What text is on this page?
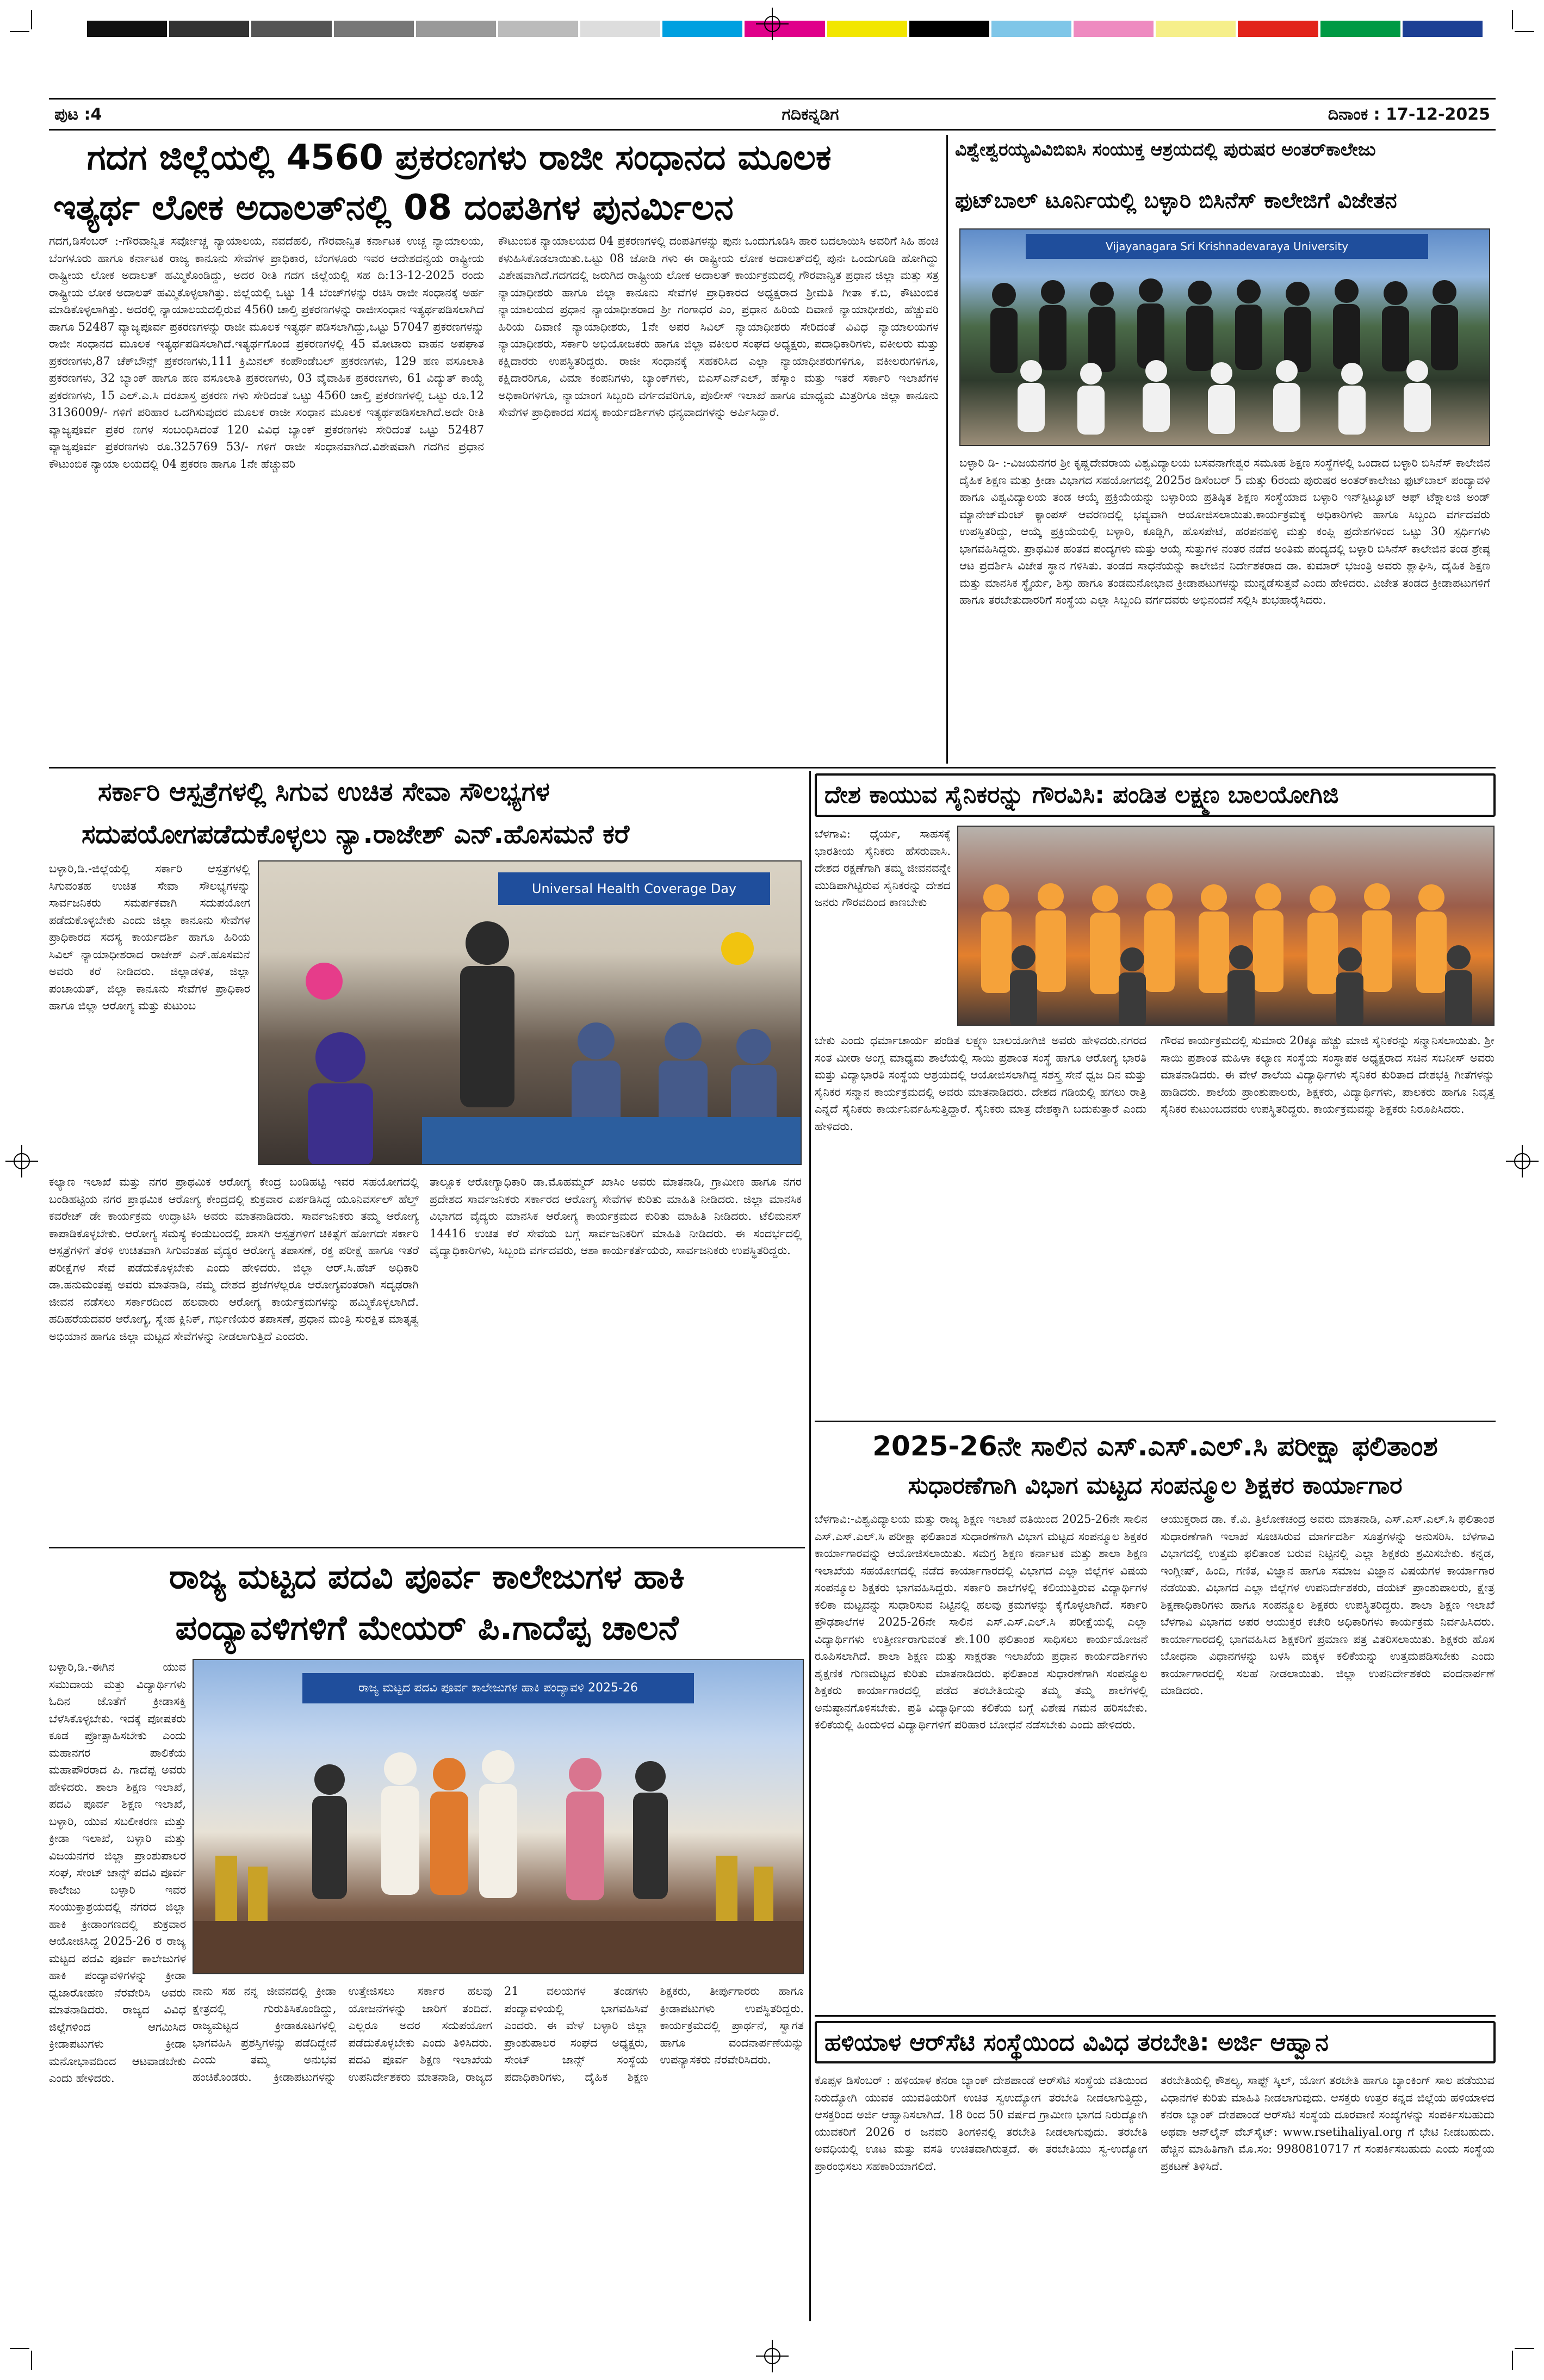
ಪುಟ :4	ಗದಿಕನ್ನಡಿಗ	ದಿನಾಂಕ : 17-12-2025
ಗದಗ ಜಿಲ್ಲೆಯಲ್ಲಿ 4560 ಪ್ರಕರಣಗಳು ರಾಜೀ ಸಂಧಾನದ ಮೂಲಕ
ಇತ್ಯರ್ಥ ಲೋಕ ಅದಾಲತ್‌ನಲ್ಲಿ 08 ದಂಪತಿಗಳ ಪುನರ್ಮಿಲನ

ಗದಗ,ಡಿಸೆಂಬರ್ :-ಗೌರವಾನ್ವಿತ ಸರ್ವೋಚ್ಚ ನ್ಯಾಯಾಲಯ, ನವದೆಹಲಿ, ಗೌರವಾನ್ವಿತ ಕರ್ನಾಟಕ ಉಚ್ಚ ನ್ಯಾಯಾಲಯ, ಬೆಂಗಳೂರು ಹಾಗೂ ಕರ್ನಾಟಕ ರಾಜ್ಯ ಕಾನೂನು ಸೇವೆಗಳ ಪ್ರಾಧಿಕಾರ, ಬೆಂಗಳೂರು ಇವರ ಆದೇಶದನ್ವಯ ರಾಷ್ಟ್ರೀಯ ರಾಷ್ಟ್ರೀಯ ಲೋಕ ಅದಾಲತ್ ಹಮ್ಮಿಕೊಂಡಿದ್ದು, ಅದರ ರೀತಿ ಗದಗ ಜಿಲ್ಲೆಯಲ್ಲಿ ಸಹ ದಿ:13-12-2025 ರಂದು ರಾಷ್ಟ್ರೀಯ ಲೋಕ ಅದಾಲತ್ ಹಮ್ಮಿಕೊಳ್ಳಲಾಗಿತ್ತು. ಜಿಲ್ಲೆಯಲ್ಲಿ ಒಟ್ಟು 14 ಬೆಂಚ್‌ಗಳನ್ನು ರಚಿಸಿ ರಾಜೀ ಸಂಧಾನಕ್ಕೆ ಅರ್ಹ ಮಾಡಿಕೊಳ್ಳಲಾಗಿತ್ತು. ಅದರಲ್ಲಿ ನ್ಯಾಯಾಲಯದಲ್ಲಿರುವ 4560 ಚಾಲ್ತಿ ಪ್ರಕರಣಗಳನ್ನು ರಾಜೀಸಂಧಾನ ಇತ್ಯರ್ಥಪಡಿಸಲಾಗಿದೆ ಹಾಗೂ 52487 ವ್ಯಾಜ್ಯಪೂರ್ವ ಪ್ರಕರಣಗಳನ್ನು ರಾಜೀ ಮೂಲಕ ಇತ್ಯರ್ಥ ಪಡಿಸಲಾಗಿದ್ದು,ಒಟ್ಟು 57047 ಪ್ರಕರಣಗಳನ್ನು ರಾಜೀ ಸಂಧಾನದ ಮೂಲಕ ಇತ್ಯರ್ಥಪಡಿಸಲಾಗಿದೆ.ಇತ್ಯರ್ಥಗೊಂಡ ಪ್ರಕರಣಗಳಲ್ಲಿ 45 ಮೋಟಾರು ವಾಹನ ಅಪಘಾತ ಪ್ರಕರಣಗಳು,87 ಚೆಕ್‌ಬೌನ್ಸ್ ಪ್ರಕರಣಗಳು,111 ಕ್ರಿಮಿನಲ್ ಕಂಪೌಂಡೆಬಲ್ ಪ್ರಕರಣಗಳು, 129 ಹಣ ವಸೂಲಾತಿ ಪ್ರಕರಣಗಳು, 32 ಬ್ಯಾಂಕ್ ಹಾಗೂ ಹಣ ವಸೂಲಾತಿ ಪ್ರಕರಣಗಳು, 03 ವೈವಾಹಿಕ ಪ್ರಕರಣಗಳು, 61 ವಿದ್ಯುತ್ ಕಾಯ್ದೆ ಪ್ರಕರಣಗಳು, 15 ಎಲ್.ಎ.ಸಿ ದರಖಾಸ್ತ ಪ್ರಕರಣ ಗಳು ಸೇರಿದಂತೆ ಒಟ್ಟು 4560 ಚಾಲ್ತಿ ಪ್ರಕರಣಗಳಲ್ಲಿ ಒಟ್ಟು ರೂ.12 3136009/- ಗಳಿಗೆ ಪರಿಹಾರ ಒದಗಿಸುವುದರ ಮೂಲಕ ರಾಜೀ ಸಂಧಾನ ಮೂಲಕ ಇತ್ಯರ್ಥಪಡಿಸಲಾಗಿದೆ.ಅದೇ ರೀತಿ ವ್ಯಾಜ್ಯಪೂರ್ವ ಪ್ರಕರ ಣಗಳ ಸಂಬಂಧಿಸಿದಂತೆ 120 ವಿವಿಧ ಬ್ಯಾಂಕ್ ಪ್ರಕರಣಗಳು ಸೇರಿದಂತೆ ಒಟ್ಟು 52487 ವ್ಯಾಜ್ಯಪೂರ್ವ ಪ್ರಕರಣಗಳು ರೂ.325769 53/- ಗಳಿಗೆ ರಾಜೀ ಸಂಧಾನವಾಗಿದೆ.ವಿಶೇಷವಾಗಿ ಗದಗಿನ ಪ್ರಧಾನ ಕೌಟುಂಬಿಕ ನ್ಯಾಯಾ ಲಯದಲ್ಲಿ 04 ಪ್ರಕರಣ ಹಾಗೂ 1ನೇ ಹೆಚ್ಚುವರಿ

ಕೌಟುಂಬಿಕ ನ್ಯಾಯಾಲಯದ 04 ಪ್ರಕರಣಗಳಲ್ಲಿ ದಂಪತಿಗಳನ್ನು ಪುನಃ ಒಂದುಗೂಡಿಸಿ ಹಾರ ಬದಲಾಯಿಸಿ ಅವರಿಗೆ ಸಿಹಿ ಹಂಚಿ ಕಳುಹಿಸಿಕೊಡಲಾಯಿತು.ಒಟ್ಟು 08 ಜೋಡಿ ಗಳು ಈ ರಾಷ್ಟ್ರೀಯ ಲೋಕ ಅದಾಲತ್‌ದಲ್ಲಿ ಪುನಃ ಒಂದುಗೂಡಿ ಹೋಗಿದ್ದು ವಿಶೇಷವಾಗಿದೆ.ಗದಗದಲ್ಲಿ ಜರುಗಿದ ರಾಷ್ಟ್ರೀಯ ಲೋಕ ಅದಾಲತ್ ಕಾರ್ಯಕ್ರಮದಲ್ಲಿ ಗೌರವಾನ್ವಿತ ಪ್ರಧಾನ ಜಿಲ್ಲಾ ಮತ್ತು ಸತ್ರ ನ್ಯಾಯಾಧೀಶರು ಹಾಗೂ ಜಿಲ್ಲಾ ಕಾನೂನು ಸೇವೆಗಳ ಪ್ರಾಧಿಕಾರದ ಅಧ್ಯಕ್ಷರಾದ ಶ್ರೀಮತಿ ಗೀತಾ ಕೆ.ಬಿ, ಕೌಟುಂಬಿಕ ನ್ಯಾಯಾಲಯದ ಪ್ರಧಾನ ನ್ಯಾಯಾಧೀಶರಾದ ಶ್ರೀ ಗಂಗಾಧರ ಎಂ, ಪ್ರಧಾನ ಹಿರಿಯ ದಿವಾಣಿ ನ್ಯಾಯಾಧೀಶರು, ಹೆಚ್ಚುವರಿ ಹಿರಿಯ ದಿವಾಣಿ ನ್ಯಾಯಾಧೀಶರು, 1ನೇ ಅಪರ ಸಿವಿಲ್ ನ್ಯಾಯಾಧೀಶರು ಸೇರಿದಂತೆ ವಿವಿಧ ನ್ಯಾಯಾಲಯಗಳ ನ್ಯಾಯಾಧೀಶರು, ಸರ್ಕಾರಿ ಅಭಿಯೋಜಕರು ಹಾಗೂ ಜಿಲ್ಲಾ ವಕೀಲರ ಸಂಘದ ಅಧ್ಯಕ್ಷರು, ಪದಾಧಿಕಾರಿಗಳು, ವಕೀಲರು ಮತ್ತು ಕಕ್ಷಿದಾರರು ಉಪಸ್ಥಿತರಿದ್ದರು. ರಾಜೀ ಸಂಧಾನಕ್ಕೆ ಸಹಕರಿಸಿದ ಎಲ್ಲಾ ನ್ಯಾಯಾಧೀಶರುಗಳಿಗೂ, ವಕೀಲರುಗಳಿಗೂ, ಕಕ್ಷಿದಾರರಿಗೂ, ವಿಮಾ ಕಂಪನಿಗಳು, ಬ್ಯಾಂಕ್‌ಗಳು, ಬಿಎಸ್‌ಎನ್‌ಎಲ್, ಹೆಸ್ಕಾಂ ಮತ್ತು ಇತರೆ ಸರ್ಕಾರಿ ಇಲಾಖೆಗಳ ಅಧಿಕಾರಿಗಳಿಗೂ, ನ್ಯಾಯಾಂಗ ಸಿಬ್ಬಂದಿ ವರ್ಗದವರಿಗೂ, ಪೊಲೀಸ್ ಇಲಾಖೆ ಹಾಗೂ ಮಾಧ್ಯಮ ಮಿತ್ರರಿಗೂ ಜಿಲ್ಲಾ ಕಾನೂನು ಸೇವೆಗಳ ಪ್ರಾಧಿಕಾರದ ಸದಸ್ಯ ಕಾರ್ಯದರ್ಶಿಗಳು ಧನ್ಯವಾದಗಳನ್ನು ಅರ್ಪಿಸಿದ್ದಾರೆ.

ವಿಶ್ವೇಶ್ವರಯ್ಯವಿವಿಬಿಐಸಿ ಸಂಯುಕ್ತ ಆಶ್ರಯದಲ್ಲಿ ಪುರುಷರ ಅಂತರ್‌ಕಾಲೇಜು
ಫುಟ್‌ಬಾಲ್ ಟೂರ್ನಿಯಲ್ಲಿ ಬಳ್ಳಾರಿ ಬಿಸಿನೆಸ್ ಕಾಲೇಜಿಗೆ ವಿಜೇತನ
Vijayanagara Sri Krishnadevaraya University

ಬಳ್ಳಾರಿ ಡಿ- :-ವಿಜಯನಗರ ಶ್ರೀ ಕೃಷ್ಣದೇವರಾಯ ವಿಶ್ವವಿದ್ಯಾಲಯ ಬಸವನಾಗೇಶ್ವರ ಸಮೂಹ ಶಿಕ್ಷಣ ಸಂಸ್ಥೆಗಳಲ್ಲಿ ಒಂದಾದ ಬಳ್ಳಾರಿ ಬಿಸಿನೆಸ್ ಕಾಲೇಜಿನ ದೈಹಿಕ ಶಿಕ್ಷಣ ಮತ್ತು ಕ್ರೀಡಾ ವಿಭಾಗದ ಸಹಯೋಗದಲ್ಲಿ 2025ರ ಡಿಸೆಂಬರ್ 5 ಮತ್ತು 6ರಂದು ಪುರುಷರ ಅಂತರ್‌ಕಾಲೇಜು ಫುಟ್‌ಬಾಲ್ ಪಂದ್ಯಾವಳಿ ಹಾಗೂ ವಿಶ್ವವಿದ್ಯಾಲಯ ತಂಡ ಆಯ್ಕೆ ಪ್ರಕ್ರಿಯೆಯನ್ನು ಬಳ್ಳಾರಿಯ ಪ್ರತಿಷ್ಠಿತ ಶಿಕ್ಷಣ ಸಂಸ್ಥೆಯಾದ ಬಳ್ಳಾರಿ ಇನ್‌ಸ್ಟಿಟ್ಯೂಟ್ ಆಫ್ ಟೆಕ್ನಾಲಜಿ ಅಂಡ್ ಮ್ಯಾನೇಜ್‌ಮೆಂಟ್ ಕ್ಯಾಂಪಸ್ ಆವರಣದಲ್ಲಿ ಭವ್ಯವಾಗಿ ಆಯೋಜಿಸಲಾಯಿತು.ಕಾರ್ಯಕ್ರಮಕ್ಕೆ ಅಧಿಕಾರಿಗಳು ಹಾಗೂ ಸಿಬ್ಬಂದಿ ವರ್ಗದವರು ಉಪಸ್ಥಿತರಿದ್ದು, ಆಯ್ಕೆ ಪ್ರಕ್ರಿಯೆಯಲ್ಲಿ ಬಳ್ಳಾರಿ, ಕೂಡ್ಲಿಗಿ, ಹೊಸಪೇಟೆ, ಹರಪನಹಳ್ಳಿ ಮತ್ತು ಕಂಪ್ಲಿ ಪ್ರದೇಶಗಳಿಂದ ಒಟ್ಟು 30 ಸ್ಪರ್ಧಿಗಳು ಭಾಗವಹಿಸಿದ್ದರು. ಪ್ರಾಥಮಿಕ ಹಂತದ ಪಂದ್ಯಗಳು ಮತ್ತು ಆಯ್ಕೆ ಸುತ್ತುಗಳ ನಂತರ ನಡೆದ ಅಂತಿಮ ಪಂದ್ಯದಲ್ಲಿ ಬಳ್ಳಾರಿ ಬಿಸಿನೆಸ್ ಕಾಲೇಜಿನ ತಂಡ ಶ್ರೇಷ್ಠ ಆಟ ಪ್ರದರ್ಶಿಸಿ ವಿಜೇತ ಸ್ಥಾನ ಗಳಿಸಿತು. ತಂಡದ ಸಾಧನೆಯನ್ನು ಕಾಲೇಜಿನ ನಿರ್ದೇಶಕರಾದ ಡಾ. ಕುಮಾರ್ ಭಜಂತ್ರಿ ಅವರು ಶ್ಲಾಘಿಸಿ, ದೈಹಿಕ ಶಿಕ್ಷಣ ಮತ್ತು ಮಾನಸಿಕ ಸ್ಥೈರ್ಯ, ಶಿಸ್ತು ಹಾಗೂ ತಂಡಮನೋಭಾವ ಕ್ರೀಡಾಪಟುಗಳನ್ನು ಮುನ್ನಡೆಸುತ್ತವೆ ಎಂದು ಹೇಳಿದರು. ವಿಜೇತ ತಂಡದ ಕ್ರೀಡಾಪಟುಗಳಿಗೆ ಹಾಗೂ ತರಬೇತುದಾರರಿಗೆ ಸಂಸ್ಥೆಯ ಎಲ್ಲಾ ಸಿಬ್ಬಂದಿ ವರ್ಗದವರು ಅಭಿನಂದನೆ ಸಲ್ಲಿಸಿ ಶುಭಹಾರೈಸಿದರು.

ಸರ್ಕಾರಿ ಆಸ್ಪತ್ರೆಗಳಲ್ಲಿ ಸಿಗುವ ಉಚಿತ ಸೇವಾ ಸೌಲಭ್ಯಗಳ
ಸದುಪಯೋಗಪಡೆದುಕೊಳ್ಳಲು ನ್ಯಾ.ರಾಜೇಶ್ ಎನ್.ಹೊಸಮನೆ ಕರೆ

ಬಳ್ಳಾರಿ,ಡಿ.-ಜಿಲ್ಲೆಯಲ್ಲಿ ಸರ್ಕಾರಿ ಆಸ್ಪತ್ರೆಗಳಲ್ಲಿ ಸಿಗುವಂತಹ ಉಚಿತ ಸೇವಾ ಸೌಲಭ್ಯಗಳನ್ನು ಸಾರ್ವಜನಿಕರು ಸಮರ್ಪಕವಾಗಿ ಸದುಪಯೋಗ ಪಡೆದುಕೊಳ್ಳಬೇಕು ಎಂದು ಜಿಲ್ಲಾ ಕಾನೂನು ಸೇವೆಗಳ ಪ್ರಾಧಿಕಾರದ ಸದಸ್ಯ ಕಾರ್ಯದರ್ಶಿ ಹಾಗೂ ಹಿರಿಯ ಸಿವಿಲ್ ನ್ಯಾಯಾಧೀಶರಾದ ರಾಜೇಶ್ ಎನ್.ಹೊಸಮನೆ ಅವರು ಕರೆ ನೀಡಿದರು. ಜಿಲ್ಲಾಡಳಿತ, ಜಿಲ್ಲಾ ಪಂಚಾಯತ್, ಜಿಲ್ಲಾ ಕಾನೂನು ಸೇವೆಗಳ ಪ್ರಾಧಿಕಾರ ಹಾಗೂ ಜಿಲ್ಲಾ ಆರೋಗ್ಯ ಮತ್ತು ಕುಟುಂಬ

Universal Health Coverage Day

ಕಲ್ಯಾಣ ಇಲಾಖೆ ಮತ್ತು ನಗರ ಪ್ರಾಥಮಿಕ ಆರೋಗ್ಯ ಕೇಂದ್ರ ಬಂಡಿಹಟ್ಟಿ ಇವರ ಸಹಯೋಗದಲ್ಲಿ ಬಂಡಿಹಟ್ಟಿಯ ನಗರ ಪ್ರಾಥಮಿಕ ಆರೋಗ್ಯ ಕೇಂದ್ರದಲ್ಲಿ ಶುಕ್ರವಾರ ಏರ್ಪಡಿಸಿದ್ದ ಯೂನಿವರ್ಸಲ್ ಹೆಲ್ತ್ ಕವರೇಜ್ ಡೇ ಕಾರ್ಯಕ್ರಮ ಉದ್ಘಾಟಿಸಿ ಅವರು ಮಾತನಾಡಿದರು. ಸಾರ್ವಜನಿಕರು ತಮ್ಮ ಆರೋಗ್ಯ ಕಾಪಾಡಿಕೊಳ್ಳಬೇಕು. ಆರೋಗ್ಯ ಸಮಸ್ಯೆ ಕಂಡುಬಂದಲ್ಲಿ ಖಾಸಗಿ ಆಸ್ಪತ್ರೆಗಳಿಗೆ ಚಿಕಿತ್ಸೆಗೆ ಹೋಗದೇ ಸರ್ಕಾರಿ ಆಸ್ಪತ್ರೆಗಳಿಗೆ ತೆರಳಿ ಉಚಿತವಾಗಿ ಸಿಗುವಂತಹ ವೈದ್ಯರ ಆರೋಗ್ಯ ತಪಾಸಣೆ, ರಕ್ತ ಪರೀಕ್ಷೆ ಹಾಗೂ ಇತರೆ ಪರೀಕ್ಷೆಗಳ ಸೇವೆ ಪಡೆದುಕೊಳ್ಳಬೇಕು ಎಂದು ಹೇಳಿದರು. ಜಿಲ್ಲಾ ಆರ್.ಸಿ.ಹೆಚ್ ಅಧಿಕಾರಿ ಡಾ.ಹನುಮಂತಪ್ಪ ಅವರು ಮಾತನಾಡಿ, ನಮ್ಮ ದೇಶದ ಪ್ರಜೆಗಳೆಲ್ಲರೂ ಆರೋಗ್ಯವಂತರಾಗಿ ಸದೃಢರಾಗಿ ಜೀವನ ನಡೆಸಲು ಸರ್ಕಾರದಿಂದ ಹಲವಾರು ಆರೋಗ್ಯ ಕಾರ್ಯಕ್ರಮಗಳನ್ನು ಹಮ್ಮಿಕೊಳ್ಳಲಾಗಿದೆ. ಹದಿಹರೆಯದವರ ಆರೋಗ್ಯ, ಸ್ನೇಹ ಕ್ಲಿನಿಕ್, ಗರ್ಭಿಣಿಯರ ತಪಾಸಣೆ, ಪ್ರಧಾನ ಮಂತ್ರಿ ಸುರಕ್ಷಿತ ಮಾತೃತ್ವ ಅಭಿಯಾನ ಹಾಗೂ ಜಿಲ್ಲಾ ಮಟ್ಟದ ಸೇವೆಗಳನ್ನು ನೀಡಲಾಗುತ್ತಿದೆ ಎಂದರು.

ತಾಲ್ಲೂಕ ಆರೋಗ್ಯಾಧಿಕಾರಿ ಡಾ.ಮೊಹಮ್ಮದ್ ಖಾಸಿಂ ಅವರು ಮಾತನಾಡಿ, ಗ್ರಾಮೀಣ ಹಾಗೂ ನಗರ ಪ್ರದೇಶದ ಸಾರ್ವಜನಿಕರು ಸರ್ಕಾರದ ಆರೋಗ್ಯ ಸೇವೆಗಳ ಕುರಿತು ಮಾಹಿತಿ ನೀಡಿದರು. ಜಿಲ್ಲಾ ಮಾನಸಿಕ ವಿಭಾಗದ ವೈದ್ಯರು ಮಾನಸಿಕ ಆರೋಗ್ಯ ಕಾರ್ಯಕ್ರಮದ ಕುರಿತು ಮಾಹಿತಿ ನೀಡಿದರು. ಟೆಲಿಮನಸ್ 14416 ಉಚಿತ ಕರೆ ಸೇವೆಯ ಬಗ್ಗೆ ಸಾರ್ವಜನಿಕರಿಗೆ ಮಾಹಿತಿ ನೀಡಿದರು. ಈ ಸಂದರ್ಭದಲ್ಲಿ ವೈದ್ಯಾಧಿಕಾರಿಗಳು, ಸಿಬ್ಬಂದಿ ವರ್ಗದವರು, ಆಶಾ ಕಾರ್ಯಕರ್ತೆಯರು, ಸಾರ್ವಜನಿಕರು ಉಪಸ್ಥಿತರಿದ್ದರು.

ದೇಶ ಕಾಯುವ ಸೈನಿಕರನ್ನು ಗೌರವಿಸಿ: ಪಂಡಿತ ಲಕ್ಷ್ಮಣ ಬಾಲಯೋಗಿಜಿ

ಬೆಳಗಾವಿ: ಧೈರ್ಯ, ಸಾಹಸಕ್ಕೆ ಭಾರತೀಯ ಸೈನಿಕರು ಹೆಸರುವಾಸಿ. ದೇಶದ ರಕ್ಷಣೆಗಾಗಿ ತಮ್ಮ ಜೀವನವನ್ನೇ ಮುಡಿಪಾಗಿಟ್ಟಿರುವ ಸೈನಿಕರನ್ನು ದೇಶದ ಜನರು ಗೌರವದಿಂದ ಕಾಣಬೇಕು

ಬೇಕು ಎಂದು ಧರ್ಮಾಚಾರ್ಯ ಪಂಡಿತ ಲಕ್ಷ್ಮಣ ಬಾಲಯೋಗಿಜಿ ಅವರು ಹೇಳಿದರು.ನಗರದ ಸಂತ ಮೀರಾ ಅಂಗ್ಲ ಮಾಧ್ಯಮ ಶಾಲೆಯಲ್ಲಿ ಸಾಯಿ ಪ್ರಶಾಂತ ಸಂಸ್ಥೆ ಹಾಗೂ ಆರೋಗ್ಯ ಭಾರತಿ ಮತ್ತು ವಿದ್ಯಾಭಾರತಿ ಸಂಸ್ಥೆಯ ಆಶ್ರಯದಲ್ಲಿ ಆಯೋಜಿಸಲಾಗಿದ್ದ ಸಶಸ್ತ್ರ ಸೇನೆ ಧ್ವಜ ದಿನ ಮತ್ತು ಸೈನಿಕರ ಸನ್ಮಾನ ಕಾರ್ಯಕ್ರಮದಲ್ಲಿ ಅವರು ಮಾತನಾಡಿದರು. ದೇಶದ ಗಡಿಯಲ್ಲಿ ಹಗಲು ರಾತ್ರಿ ಎನ್ನದೆ ಸೈನಿಕರು ಕಾರ್ಯನಿರ್ವಹಿಸುತ್ತಿದ್ದಾರೆ. ಸೈನಿಕರು ಮಾತ್ರ ದೇಶಕ್ಕಾಗಿ ಬದುಕುತ್ತಾರೆ ಎಂದು ಹೇಳಿದರು.

ಗೌರವ ಕಾರ್ಯಕ್ರಮದಲ್ಲಿ ಸುಮಾರು 20ಕ್ಕೂ ಹೆಚ್ಚು ಮಾಜಿ ಸೈನಿಕರನ್ನು ಸನ್ಮಾನಿಸಲಾಯಿತು. ಶ್ರೀ ಸಾಯಿ ಪ್ರಶಾಂತ ಮಹಿಳಾ ಕಲ್ಯಾಣ ಸಂಸ್ಥೆಯ ಸಂಸ್ಥಾಪಕ ಅಧ್ಯಕ್ಷರಾದ ಸಚಿನ ಸಬನೀಸ್ ಅವರು ಮಾತನಾಡಿದರು. ಈ ವೇಳೆ ಶಾಲೆಯ ವಿದ್ಯಾರ್ಥಿಗಳು ಸೈನಿಕರ ಕುರಿತಾದ ದೇಶಭಕ್ತಿ ಗೀತೆಗಳನ್ನು ಹಾಡಿದರು. ಶಾಲೆಯ ಪ್ರಾಂಶುಪಾಲರು, ಶಿಕ್ಷಕರು, ವಿದ್ಯಾರ್ಥಿಗಳು, ಪಾಲಕರು ಹಾಗೂ ನಿವೃತ್ತ ಸೈನಿಕರ ಕುಟುಂಬದವರು ಉಪಸ್ಥಿತರಿದ್ದರು. ಕಾರ್ಯಕ್ರಮವನ್ನು ಶಿಕ್ಷಕರು ನಿರೂಪಿಸಿದರು.

2025-26ನೇ ಸಾಲಿನ ಎಸ್.ಎಸ್.ಎಲ್.ಸಿ ಪರೀಕ್ಷಾ ಫಲಿತಾಂಶ
ಸುಧಾರಣೆಗಾಗಿ ವಿಭಾಗ ಮಟ್ಟದ ಸಂಪನ್ಮೂಲ ಶಿಕ್ಷಕರ ಕಾರ್ಯಾಗಾರ

ಬೆಳಗಾವಿ:-ವಿಶ್ವವಿದ್ಯಾಲಯ ಮತ್ತು ರಾಜ್ಯ ಶಿಕ್ಷಣ ಇಲಾಖೆ ವತಿಯಿಂದ 2025-26ನೇ ಸಾಲಿನ ಎಸ್.ಎಸ್.ಎಲ್.ಸಿ ಪರೀಕ್ಷಾ ಫಲಿತಾಂಶ ಸುಧಾರಣೆಗಾಗಿ ವಿಭಾಗ ಮಟ್ಟದ ಸಂಪನ್ಮೂಲ ಶಿಕ್ಷಕರ ಕಾರ್ಯಾಗಾರವನ್ನು ಆಯೋಜಿಸಲಾಯಿತು. ಸಮಗ್ರ ಶಿಕ್ಷಣ ಕರ್ನಾಟಕ ಮತ್ತು ಶಾಲಾ ಶಿಕ್ಷಣ ಇಲಾಖೆಯ ಸಹಯೋಗದಲ್ಲಿ ನಡೆದ ಕಾರ್ಯಾಗಾರದಲ್ಲಿ ವಿಭಾಗದ ಎಲ್ಲಾ ಜಿಲ್ಲೆಗಳ ವಿಷಯ ಸಂಪನ್ಮೂಲ ಶಿಕ್ಷಕರು ಭಾಗವಹಿಸಿದ್ದರು. ಸರ್ಕಾರಿ ಶಾಲೆಗಳಲ್ಲಿ ಕಲಿಯುತ್ತಿರುವ ವಿದ್ಯಾರ್ಥಿಗಳ ಕಲಿಕಾ ಮಟ್ಟವನ್ನು ಸುಧಾರಿಸುವ ನಿಟ್ಟಿನಲ್ಲಿ ಹಲವು ಕ್ರಮಗಳನ್ನು ಕೈಗೊಳ್ಳಲಾಗಿದೆ. ಸರ್ಕಾರಿ ಪ್ರೌಢಶಾಲೆಗಳ 2025-26ನೇ ಸಾಲಿನ ಎಸ್.ಎಸ್.ಎಲ್.ಸಿ ಪರೀಕ್ಷೆಯಲ್ಲಿ ಎಲ್ಲಾ ವಿದ್ಯಾರ್ಥಿಗಳು ಉತ್ತೀರ್ಣರಾಗುವಂತೆ ಶೇ.100 ಫಲಿತಾಂಶ ಸಾಧಿಸಲು ಕಾರ್ಯಯೋಜನೆ ರೂಪಿಸಲಾಗಿದೆ. ಶಾಲಾ ಶಿಕ್ಷಣ ಮತ್ತು ಸಾಕ್ಷರತಾ ಇಲಾಖೆಯ ಪ್ರಧಾನ ಕಾರ್ಯದರ್ಶಿಗಳು ಶೈಕ್ಷಣಿಕ ಗುಣಮಟ್ಟದ ಕುರಿತು ಮಾತನಾಡಿದರು. ಫಲಿತಾಂಶ ಸುಧಾರಣೆಗಾಗಿ ಸಂಪನ್ಮೂಲ ಶಿಕ್ಷಕರು ಕಾರ್ಯಾಗಾರದಲ್ಲಿ ಪಡೆದ ತರಬೇತಿಯನ್ನು ತಮ್ಮ ತಮ್ಮ ಶಾಲೆಗಳಲ್ಲಿ ಅನುಷ್ಠಾನಗೊಳಿಸಬೇಕು. ಪ್ರತಿ ವಿದ್ಯಾರ್ಥಿಯ ಕಲಿಕೆಯ ಬಗ್ಗೆ ವಿಶೇಷ ಗಮನ ಹರಿಸಬೇಕು. ಕಲಿಕೆಯಲ್ಲಿ ಹಿಂದುಳಿದ ವಿದ್ಯಾರ್ಥಿಗಳಿಗೆ ಪರಿಹಾರ ಬೋಧನೆ ನಡೆಸಬೇಕು ಎಂದು ಹೇಳಿದರು.

ಆಯುಕ್ತರಾದ ಡಾ. ಕೆ.ವಿ. ತ್ರಿಲೋಕಚಂದ್ರ ಅವರು ಮಾತನಾಡಿ, ಎಸ್.ಎಸ್.ಎಲ್.ಸಿ ಫಲಿತಾಂಶ ಸುಧಾರಣೆಗಾಗಿ ಇಲಾಖೆ ಸೂಚಿಸಿರುವ ಮಾರ್ಗದರ್ಶಿ ಸೂತ್ರಗಳನ್ನು ಅನುಸರಿಸಿ. ಬೆಳಗಾವಿ ವಿಭಾಗದಲ್ಲಿ ಉತ್ತಮ ಫಲಿತಾಂಶ ಬರುವ ನಿಟ್ಟಿನಲ್ಲಿ ಎಲ್ಲಾ ಶಿಕ್ಷಕರು ಶ್ರಮಿಸಬೇಕು. ಕನ್ನಡ, ಇಂಗ್ಲೀಷ್, ಹಿಂದಿ, ಗಣಿತ, ವಿಜ್ಞಾನ ಹಾಗೂ ಸಮಾಜ ವಿಜ್ಞಾನ ವಿಷಯಗಳ ಕಾರ್ಯಾಗಾರ ನಡೆಯಿತು. ವಿಭಾಗದ ಎಲ್ಲಾ ಜಿಲ್ಲೆಗಳ ಉಪನಿರ್ದೇಶಕರು, ಡಯಟ್ ಪ್ರಾಂಶುಪಾಲರು, ಕ್ಷೇತ್ರ ಶಿಕ್ಷಣಾಧಿಕಾರಿಗಳು ಹಾಗೂ ಸಂಪನ್ಮೂಲ ಶಿಕ್ಷಕರು ಉಪಸ್ಥಿತರಿದ್ದರು. ಶಾಲಾ ಶಿಕ್ಷಣ ಇಲಾಖೆ ಬೆಳಗಾವಿ ವಿಭಾಗದ ಅಪರ ಆಯುಕ್ತರ ಕಚೇರಿ ಅಧಿಕಾರಿಗಳು ಕಾರ್ಯಕ್ರಮ ನಿರ್ವಹಿಸಿದರು. ಕಾರ್ಯಾಗಾರದಲ್ಲಿ ಭಾಗವಹಿಸಿದ ಶಿಕ್ಷಕರಿಗೆ ಪ್ರಮಾಣ ಪತ್ರ ವಿತರಿಸಲಾಯಿತು. ಶಿಕ್ಷಕರು ಹೊಸ ಬೋಧನಾ ವಿಧಾನಗಳನ್ನು ಬಳಸಿ ಮಕ್ಕಳ ಕಲಿಕೆಯನ್ನು ಉತ್ತಮಪಡಿಸಬೇಕು ಎಂದು ಕಾರ್ಯಾಗಾರದಲ್ಲಿ ಸಲಹೆ ನೀಡಲಾಯಿತು. ಜಿಲ್ಲಾ ಉಪನಿರ್ದೇಶಕರು ವಂದನಾರ್ಪಣೆ ಮಾಡಿದರು.

ಹಳಿಯಾಳ ಆರ್‌ಸೆಟಿ ಸಂಸ್ಥೆಯಿಂದ ವಿವಿಧ ತರಬೇತಿ: ಅರ್ಜಿ ಆಹ್ವಾನ

ಕೊಪ್ಪಳ ಡಿಸೆಂಬರ್ : ಹಳಿಯಾಳ ಕೆನರಾ ಬ್ಯಾಂಕ್ ದೇಶಪಾಂಡೆ ಆರ್‌ಸೆಟಿ ಸಂಸ್ಥೆಯ ವತಿಯಿಂದ ನಿರುದ್ಯೋಗಿ ಯುವಕ ಯುವತಿಯರಿಗೆ ಉಚಿತ ಸ್ವಉದ್ಯೋಗ ತರಬೇತಿ ನೀಡಲಾಗುತ್ತಿದ್ದು, ಆಸಕ್ತರಿಂದ ಅರ್ಜಿ ಆಹ್ವಾನಿಸಲಾಗಿದೆ. 18 ರಿಂದ 50 ವರ್ಷದ ಗ್ರಾಮೀಣ ಭಾಗದ ನಿರುದ್ಯೋಗಿ ಯುವಕರಿಗೆ 2026 ರ ಜನವರಿ ತಿಂಗಳಿನಲ್ಲಿ ತರಬೇತಿ ನೀಡಲಾಗುವುದು. ತರಬೇತಿ ಅವಧಿಯಲ್ಲಿ ಊಟ ಮತ್ತು ವಸತಿ ಉಚಿತವಾಗಿರುತ್ತದೆ. ಈ ತರಬೇತಿಯು ಸ್ವ-ಉದ್ಯೋಗ ಪ್ರಾರಂಭಿಸಲು ಸಹಕಾರಿಯಾಗಲಿದೆ.

ತರಬೇತಿಯಲ್ಲಿ ಕೌಶಲ್ಯ, ಸಾಫ್ಟ್ ಸ್ಕಿಲ್, ಯೋಗ ತರಬೇತಿ ಹಾಗೂ ಬ್ಯಾಂಕಿಂಗ್ ಸಾಲ ಪಡೆಯುವ ವಿಧಾನಗಳ ಕುರಿತು ಮಾಹಿತಿ ನೀಡಲಾಗುವುದು. ಆಸಕ್ತರು ಉತ್ತರ ಕನ್ನಡ ಜಿಲ್ಲೆಯ ಹಳಿಯಾಳದ ಕೆನರಾ ಬ್ಯಾಂಕ್ ದೇಶಪಾಂಡೆ ಆರ್‌ಸೆಟಿ ಸಂಸ್ಥೆಯ ದೂರವಾಣಿ ಸಂಖ್ಯೆಗಳನ್ನು ಸಂಪರ್ಕಿಸಬಹುದು ಅಥವಾ ಆನ್‌ಲೈನ್ ವೆಬ್‌ಸೈಟ್: www.rsetihaliyal.org ಗೆ ಭೇಟಿ ನೀಡಬಹುದು. ಹೆಚ್ಚಿನ ಮಾಹಿತಿಗಾಗಿ ಮೊ.ಸಂ: 9980810717 ಗೆ ಸಂಪರ್ಕಿಸಬಹುದು ಎಂದು ಸಂಸ್ಥೆಯ ಪ್ರಕಟಣೆ ತಿಳಿಸಿದೆ.

ರಾಜ್ಯ ಮಟ್ಟದ ಪದವಿ ಪೂರ್ವ ಕಾಲೇಜುಗಳ ಹಾಕಿ
ಪಂದ್ಯಾವಳಿಗಳಿಗೆ ಮೇಯರ್ ಪಿ.ಗಾದೆಪ್ಪ ಚಾಲನೆ

ಬಳ್ಳಾರಿ,ಡಿ.-ಈಗಿನ ಯುವ ಸಮುದಾಯ ಮತ್ತು ವಿದ್ಯಾರ್ಥಿಗಳು ಓದಿನ ಜೊತೆಗೆ ಕ್ರೀಡಾಸಕ್ತಿ ಬೆಳೆಸಿಕೊಳ್ಳಬೇಕು. ಇದಕ್ಕೆ ಪೋಷಕರು ಕೂಡ ಪ್ರೋತ್ಸಾಹಿಸಬೇಕು ಎಂದು ಮಹಾನಗರ ಪಾಲಿಕೆಯ ಮಹಾಪೌರರಾದ ಪಿ. ಗಾದೆಪ್ಪ ಅವರು ಹೇಳಿದರು. ಶಾಲಾ ಶಿಕ್ಷಣ ಇಲಾಖೆ, ಪದವಿ ಪೂರ್ವ ಶಿಕ್ಷಣ ಇಲಾಖೆ, ಬಳ್ಳಾರಿ, ಯುವ ಸಬಲೀಕರಣ ಮತ್ತು ಕ್ರೀಡಾ ಇಲಾಖೆ, ಬಳ್ಳಾರಿ ಮತ್ತು ವಿಜಯನಗರ ಜಿಲ್ಲಾ ಪ್ರಾಂಶುಪಾಲರ ಸಂಘ, ಸೇಂಟ್ ಜಾನ್ಸ್ ಪದವಿ ಪೂರ್ವ ಕಾಲೇಜು ಬಳ್ಳಾರಿ ಇವರ ಸಂಯುಕ್ತಾಶ್ರಯದಲ್ಲಿ ನಗರದ ಜಿಲ್ಲಾ ಹಾಕಿ ಕ್ರೀಡಾಂಗಣದಲ್ಲಿ ಶುಕ್ರವಾರ ಆಯೋಜಿಸಿದ್ದ 2025-26 ರ ರಾಜ್ಯ ಮಟ್ಟದ ಪದವಿ ಪೂರ್ವ ಕಾಲೇಜುಗಳ ಹಾಕಿ ಪಂದ್ಯಾವಳಿಗಳನ್ನು ಕ್ರೀಡಾ ಧ್ವಜಾರೋಹಣ ನೆರವೇರಿಸಿ ಅವರು ಮಾತನಾಡಿದರು. ರಾಜ್ಯದ ವಿವಿಧ ಜಿಲ್ಲೆಗಳಿಂದ ಆಗಮಿಸಿದ ಕ್ರೀಡಾಪಟುಗಳು ಕ್ರೀಡಾ ಮನೋಭಾವದಿಂದ ಆಟವಾಡಬೇಕು ಎಂದು ಹೇಳಿದರು.

ರಾಜ್ಯ ಮಟ್ಟದ ಪದವಿ ಪೂರ್ವ ಕಾಲೇಜುಗಳ ಹಾಕಿ ಪಂದ್ಯಾವಳಿ 2025-26

ನಾನು ಸಹ ನನ್ನ ಜೀವನದಲ್ಲಿ ಕ್ರೀಡಾ ಕ್ಷೇತ್ರದಲ್ಲಿ ಗುರುತಿಸಿಕೊಂಡಿದ್ದು, ರಾಜ್ಯಮಟ್ಟದ ಕ್ರೀಡಾಕೂಟಗಳಲ್ಲಿ ಭಾಗವಹಿಸಿ ಪ್ರಶಸ್ತಿಗಳನ್ನು ಪಡೆದಿದ್ದೇನೆ ಎಂದು ತಮ್ಮ ಅನುಭವ ಹಂಚಿಕೊಂಡರು. ಕ್ರೀಡಾಪಟುಗಳನ್ನು ಉತ್ತೇಜಿಸಲು ಸರ್ಕಾರ ಹಲವು ಯೋಜನೆಗಳನ್ನು ಜಾರಿಗೆ ತಂದಿದೆ. ಎಲ್ಲರೂ ಅದರ ಸದುಪಯೋಗ ಪಡೆದುಕೊಳ್ಳಬೇಕು ಎಂದು ತಿಳಿಸಿದರು. ಪದವಿ ಪೂರ್ವ ಶಿಕ್ಷಣ ಇಲಾಖೆಯ ಉಪನಿರ್ದೇಶಕರು ಮಾತನಾಡಿ, ರಾಜ್ಯದ 21 ವಲಯಗಳ ತಂಡಗಳು ಪಂದ್ಯಾವಳಿಯಲ್ಲಿ ಭಾಗವಹಿಸಿವೆ ಎಂದರು. ಈ ವೇಳೆ ಬಳ್ಳಾರಿ ಜಿಲ್ಲಾ ಪ್ರಾಂಶುಪಾಲರ ಸಂಘದ ಅಧ್ಯಕ್ಷರು, ಸೇಂಟ್ ಜಾನ್ಸ್ ಸಂಸ್ಥೆಯ ಪದಾಧಿಕಾರಿಗಳು, ದೈಹಿಕ ಶಿಕ್ಷಣ ಶಿಕ್ಷಕರು, ತೀರ್ಪುಗಾರರು ಹಾಗೂ ಕ್ರೀಡಾಪಟುಗಳು ಉಪಸ್ಥಿತರಿದ್ದರು. ಕಾರ್ಯಕ್ರಮದಲ್ಲಿ ಪ್ರಾರ್ಥನೆ, ಸ್ವಾಗತ ಹಾಗೂ ವಂದನಾರ್ಪಣೆಯನ್ನು ಉಪನ್ಯಾಸಕರು ನೆರವೇರಿಸಿದರು.
